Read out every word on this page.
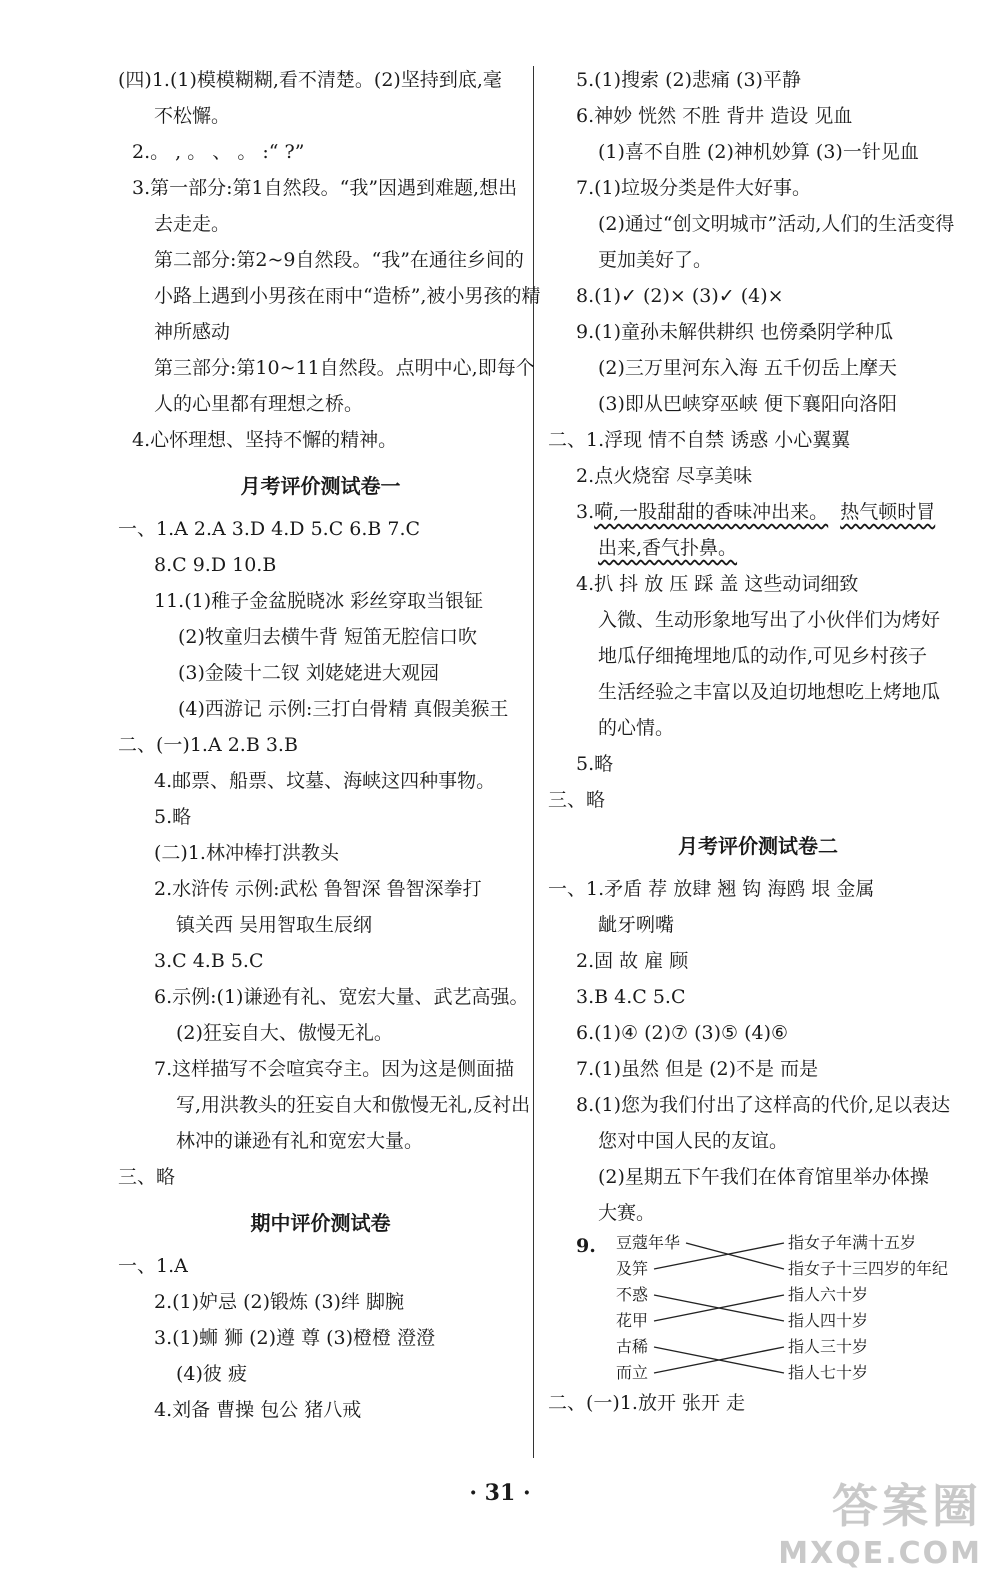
(四)1.(1)模模糊糊,看不清楚。(2)坚持到底,毫
不松懈。
2.。 , 。 、 。 :“ ?”
3.第一部分:第1自然段。“我”因遇到难题,想出
去走走。
第二部分:第2~9自然段。“我”在通往乡间的
小路上遇到小男孩在雨中“造桥”,被小男孩的精
神所感动
第三部分:第10~11自然段。点明中心,即每个
人的心里都有理想之桥。
4.心怀理想、坚持不懈的精神。
月考评价测试卷一
一、1.A 2.A 3.D 4.D 5.C 6.B 7.C
8.C 9.D 10.B
11.(1)稚子金盆脱晓冰 彩丝穿取当银钲
(2)牧童归去横牛背 短笛无腔信口吹
(3)金陵十二钗 刘姥姥进大观园
(4)西游记 示例:三打白骨精 真假美猴王
二、(一)1.A 2.B 3.B
4.邮票、船票、坟墓、海峡这四种事物。
5.略
(二)1.林冲棒打洪教头
2.水浒传 示例:武松 鲁智深 鲁智深拳打
镇关西 吴用智取生辰纲
3.C 4.B 5.C
6.示例:(1)谦逊有礼、宽宏大量、武艺高强。
(2)狂妄自大、傲慢无礼。
7.这样描写不会喧宾夺主。因为这是侧面描
写,用洪教头的狂妄自大和傲慢无礼,反衬出
林冲的谦逊有礼和宽宏大量。
三、略
期中评价测试卷
一、1.A
2.(1)妒忌 (2)锻炼 (3)绊 脚腕
3.(1)蛳 狮 (2)遵 尊 (3)橙橙 澄澄
(4)彼 疲
4.刘备 曹操 包公 猪八戒
5.(1)搜索 (2)悲痛 (3)平静
6.神妙 恍然 不胜 背井 造设 见血
(1)喜不自胜 (2)神机妙算 (3)一针见血
7.(1)垃圾分类是件大好事。
(2)通过“创文明城市”活动,人们的生活变得
更加美好了。
8.(1)✓ (2)× (3)✓ (4)×
9.(1)童孙未解供耕织 也傍桑阴学种瓜
(2)三万里河东入海 五千仞岳上摩天
(3)即从巴峡穿巫峡 便下襄阳向洛阳
二、1.浮现 情不自禁 诱惑 小心翼翼
2.点火烧窑 尽享美味
3.嗬,一股甜甜的香味冲出来。 热气顿时冒
出来,香气扑鼻。
4.扒 抖 放 压 踩 盖 这些动词细致
入微、生动形象地写出了小伙伴们为烤好
地瓜仔细掩埋地瓜的动作,可见乡村孩子
生活经验之丰富以及迫切地想吃上烤地瓜
的心情。
5.略
三、略
月考评价测试卷二
一、1.矛盾 荐 放肆 翘 钩 海鸥 垠 金属
龇牙咧嘴
2.固 故 雇 顾
3.B 4.C 5.C
6.(1)④ (2)⑦ (3)⑤ (4)⑥
7.(1)虽然 但是 (2)不是 而是
8.(1)您为我们付出了这样高的代价,足以表达
您对中国人民的友谊。
(2)星期五下午我们在体育馆里举办体操
大赛。
9. 豆蔻年华
及笄
不惑
花甲
古稀
而立
指女子年满十五岁
指女子十三四岁的年纪
指人六十岁
指人四十岁
指人三十岁
指人七十岁
二、(一)1.放开 张开 走
· 31 ·	答案圈
MXQE.COM
